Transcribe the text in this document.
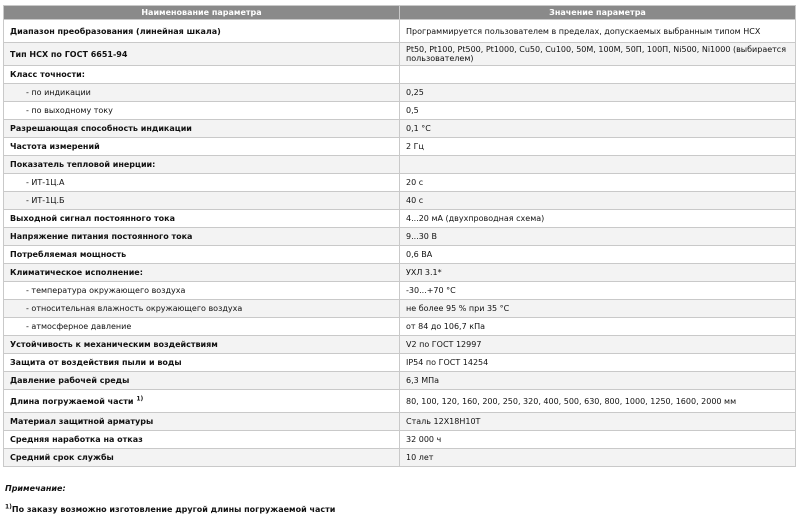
Наименование параметра	Значение параметра
Диапазон преобразования (линейная шкала)	Программируется пользователем в пределах, допускаемых выбранным типом НСХ
Тип НСХ по ГОСТ 6651-94	Pt50, Pt100, Pt500, Pt1000, Cu50, Cu100, 50М, 100М, 50П, 100П, Ni500, Ni1000 (выбирается пользователем)
Класс точности:	
- по индикации	0,25
- по выходному току	0,5
Разрешающая способность индикации	0,1 °С
Частота измерений	2 Гц
Показатель тепловой инерции:	
- ИТ-1Ц.А	20 с
- ИТ-1Ц.Б	40 с
Выходной сигнал постоянного тока	4...20 мА (двухпроводная схема)
Напряжение питания постоянного тока	9...30 В
Потребляемая мощность	0,6 ВА
Климатическое исполнение:	УХЛ 3.1*
- температура окружающего воздуха	-30...+70 °С
- относительная влажность окружающего воздуха	не более 95 % при 35 °С
- атмосферное давление	от 84 до 106,7 кПа
Устойчивость к механическим воздействиям	V2 по ГОСТ 12997
Защита от воздействия пыли и воды	IP54 по ГОСТ 14254
Давление рабочей среды	6,3 МПа
Длина погружаемой части $^{1)}$	80, 100, 120, 160, 200, 250, 320, 400, 500, 630, 800, 1000, 1250, 1600, 2000 мм
Материал защитной арматуры	Сталь 12Х18Н10Т
Средняя наработка на отказ	32 000 ч
Средний срок службы	10 лет
Примечание:
$^{1)}$По заказу возможно изготовление другой длины погружаемой части
